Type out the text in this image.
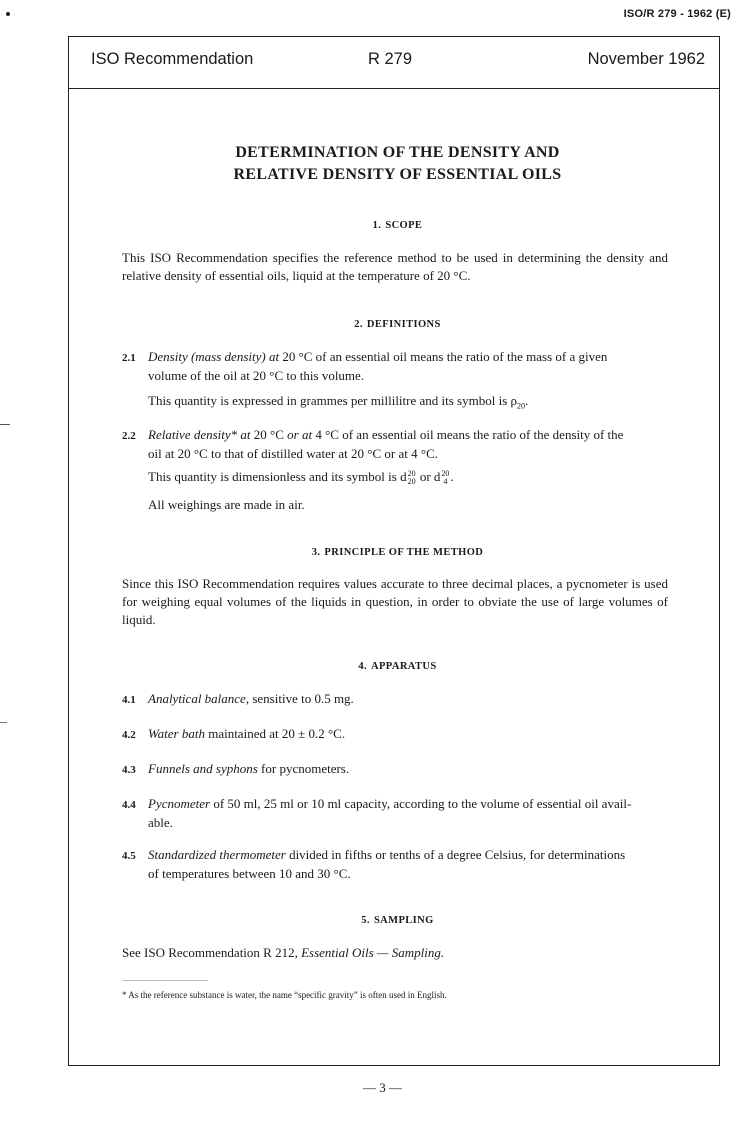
ISO/R 279 - 1962 (E)
ISO Recommendation	R 279	November 1962
DETERMINATION OF THE DENSITY AND
RELATIVE DENSITY OF ESSENTIAL OILS
1. SCOPE
This ISO Recommendation specifies the reference method to be used in determining the density and relative density of essential oils, liquid at the temperature of 20 °C.
2. DEFINITIONS
2.1 Density (mass density) at 20 °C of an essential oil means the ratio of the mass of a given
volume of the oil at 20 °C to this volume.
This quantity is expressed in grammes per millilitre and its symbol is $\rho_{20}$.
2.2 Relative density* at 20 °C or at 4 °C of an essential oil means the ratio of the density of the
oil at 20 °C to that of distilled water at 20 °C or at 4 °C.
This quantity is dimensionless and its symbol is d20
20 or d20
4 .
All weighings are made in air.
3. PRINCIPLE OF THE METHOD
Since this ISO Recommendation requires values accurate to three decimal places, a pycnometer is used for weighing equal volumes of the liquids in question, in order to obviate the use of large volumes of liquid.
4. APPARATUS
4.1 Analytical balance, sensitive to 0.5 mg.
4.2 Water bath maintained at 20 ± 0.2 °C.
4.3 Funnels and syphons for pycnometers.
4.4 Pycnometer of 50 ml, 25 ml or 10 ml capacity, according to the volume of essential oil avail-
able.
4.5 Standardized thermometer divided in fifths or tenths of a degree Celsius, for determinations
of temperatures between 10 and 30 °C.
5. SAMPLING
See ISO Recommendation R 212, Essential Oils — Sampling.
* As the reference substance is water, the name “specific gravity” is often used in English.
— 3 —
